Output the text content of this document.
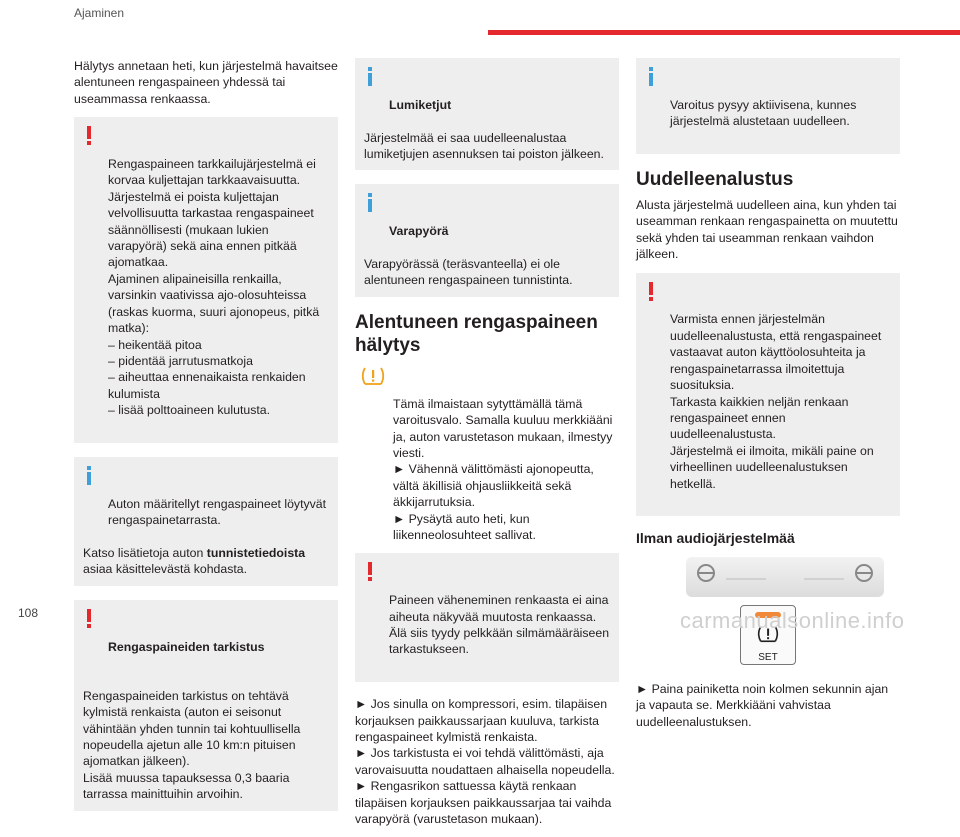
Ajaminen
Hälytys annetaan heti, kun järjestelmä havaitsee alentuneen rengaspaineen yhdessä tai useammassa renkaassa.

Rengaspaineen tarkkailujärjestelmä ei korvaa kuljettajan tarkkaavaisuutta.
Järjestelmä ei poista kuljettajan velvollisuutta tarkastaa rengaspaineet säännöllisesti (mukaan lukien varapyörä) sekä aina ennen pitkää ajomatkaa.
Ajaminen alipaineisilla renkailla, varsinkin vaativissa ajo-olosuhteissa (raskas kuorma, suuri ajonopeus, pitkä matka):
– heikentää pitoa
– pidentää jarrutusmatkoja
– aiheuttaa ennenaikaista renkaiden kulumista
– lisää polttoaineen kulutusta.

Auton määritellyt rengaspaineet löytyvät rengaspainetarrasta.

Katso lisätietoja auton tunnistetiedoista asiaa käsittelevästä kohdasta.

Rengaspaineiden tarkistus

Rengaspaineiden tarkistus on tehtävä kylmistä renkaista (auton ei seisonut vähintään yhden tunnin tai kohtuullisella nopeudella ajetun alle 10 km:n pituisen ajomatkan jälkeen).
Lisää muussa tapauksessa 0,3 baaria tarrassa mainittuihin arvoihin.

Lumiketjut

Järjestelmää ei saa uudelleenalustaa lumiketjujen asennuksen tai poiston jälkeen.

Varapyörä

Varapyörässä (teräsvanteella) ei ole alentuneen rengaspaineen tunnistinta.

Alentuneen rengaspaineen hälytys

Tämä ilmaistaan sytyttämällä tämä varoitusvalo. Samalla kuuluu merkkiääni ja, auton varustetason mukaan, ilmestyy viesti.
► Vähennä välittömästi ajonopeutta, vältä äkillisiä ohjausliikkeitä sekä äkkijarrutuksia.
► Pysäytä auto heti, kun liikenneolosuhteet sallivat.

Paineen väheneminen renkaasta ei aina aiheuta näkyvää muutosta renkaassa.
Älä siis tyydy pelkkään silmämääräiseen tarkastukseen.

► Jos sinulla on kompressori, esim. tilapäisen korjauksen paikkaussarjaan kuuluva, tarkista rengaspaineet kylmistä renkaista.
► Jos tarkistusta ei voi tehdä välittömästi, aja varovaisuutta noudattaen alhaisella nopeudella.
► Rengasrikon sattuessa käytä renkaan tilapäisen korjauksen paikkaussarjaa tai vaihda varapyörä (varustetason mukaan).

Varoitus pysyy aktiivisena, kunnes järjestelmä alustetaan uudelleen.

Uudelleenalustus
Alusta järjestelmä uudelleen aina, kun yhden tai useamman renkaan rengaspainetta on muutettu sekä yhden tai useamman renkaan vaihdon jälkeen.

Varmista ennen järjestelmän uudelleenalustusta, että rengaspaineet vastaavat auton käyttöolosuhteita ja rengaspainetarrassa ilmoitettuja suosituksia.
Tarkasta kaikkien neljän renkaan rengaspaineet ennen uudelleenalustusta.
Järjestelmä ei ilmoita, mikäli paine on virheellinen uudelleenalustuksen hetkellä.

Ilman audiojärjestelmää
SET
► Paina painiketta noin kolmen sekunnin ajan ja vapauta se. Merkkiääni vahvistaa uudelleenalustuksen.
108	carmanualsonline.info
